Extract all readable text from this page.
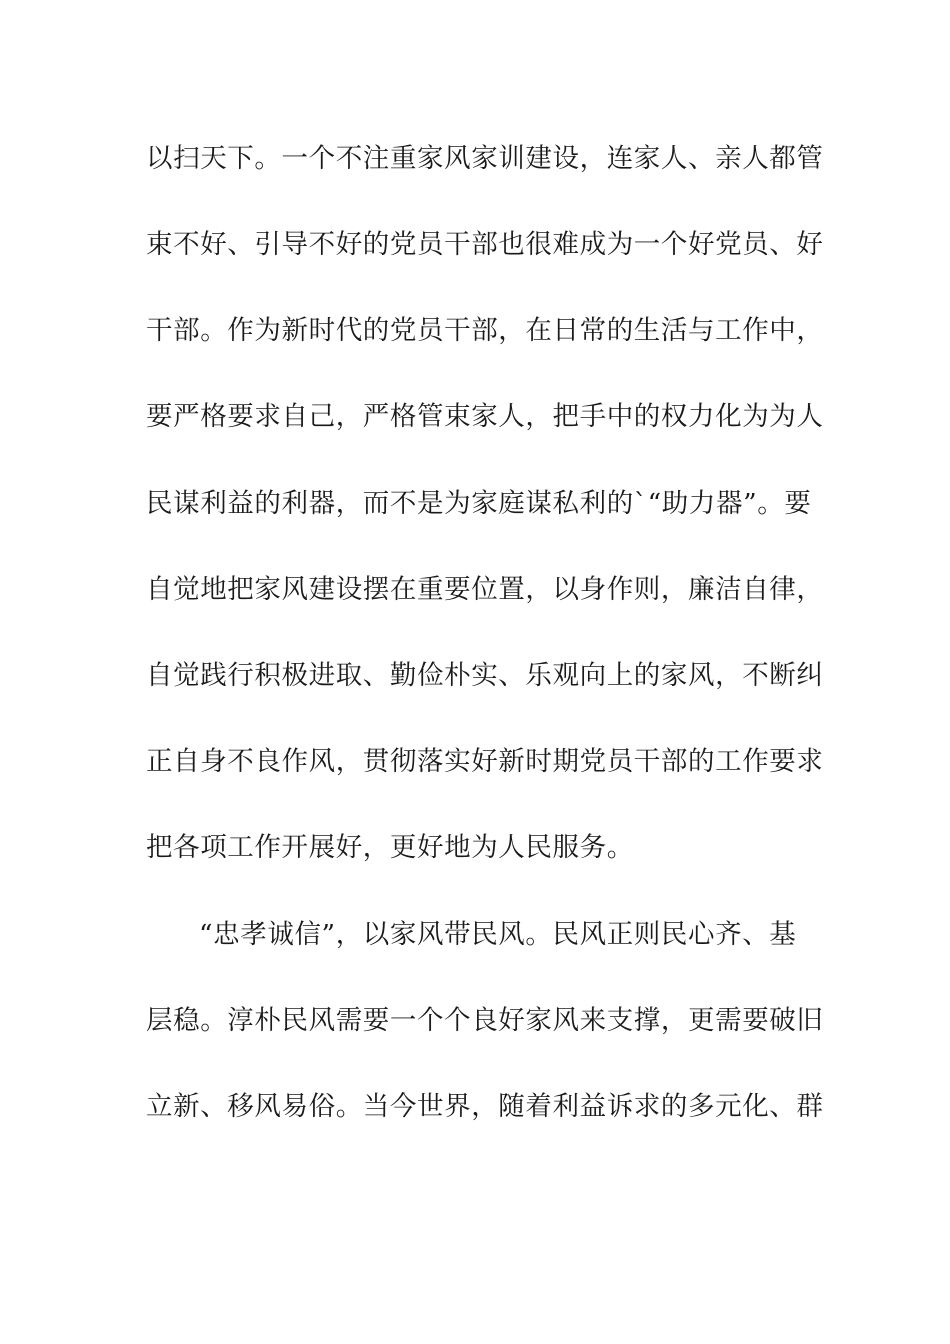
以扫天下。一个不注重家风家训建设，连家人、亲人都管
束不好、引导不好的党员干部也很难成为一个好党员、好
干部。作为新时代的党员干部，在日常的生活与工作中，
要严格要求自己，严格管束家人，把手中的权力化为为人
民谋利益的利器，而不是为家庭谋私利的`“助力器”。要
自觉地把家风建设摆在重要位置，以身作则，廉洁自律，
自觉践行积极进取、勤俭朴实、乐观向上的家风，不断纠
正自身不良作风，贯彻落实好新时期党员干部的工作要求
把各项工作开展好，更好地为人民服务。
“忠孝诚信”，以家风带民风。民风正则民心齐、基
层稳。淳朴民风需要一个个良好家风来支撑，更需要破旧
立新、移风易俗。当今世界，随着利益诉求的多元化、群
